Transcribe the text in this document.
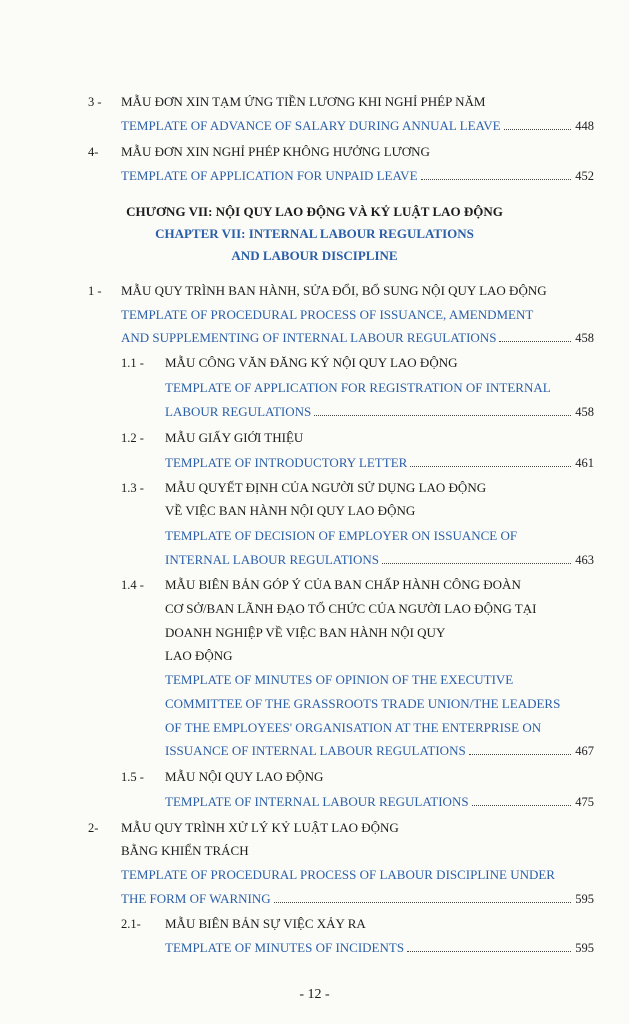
3 - MẪU ĐƠN XIN TẠM ỨNG TIỀN LƯƠNG KHI NGHỈ PHÉP NĂM
TEMPLATE OF ADVANCE OF SALARY DURING ANNUAL LEAVE	448
4- MẪU ĐƠN XIN NGHỈ PHÉP KHÔNG HƯỞNG LƯƠNG
TEMPLATE OF APPLICATION FOR UNPAID LEAVE	452
CHƯƠNG VII: NỘI QUY LAO ĐỘNG VÀ KỶ LUẬT LAO ĐỘNG
CHAPTER VII: INTERNAL LABOUR REGULATIONS
AND LABOUR DISCIPLINE
1 - MẪU QUY TRÌNH BAN HÀNH, SỬA ĐỔI, BỔ SUNG NỘI QUY LAO ĐỘNG
TEMPLATE OF PROCEDURAL PROCESS OF ISSUANCE, AMENDMENT
AND SUPPLEMENTING OF INTERNAL LABOUR REGULATIONS	458
1.1 - MẪU CÔNG VĂN ĐĂNG KÝ NỘI QUY LAO ĐỘNG
TEMPLATE OF APPLICATION FOR REGISTRATION OF INTERNAL
LABOUR REGULATIONS	458
1.2 - MẪU GIẤY GIỚI THIỆU
TEMPLATE OF INTRODUCTORY LETTER	461
1.3 - MẪU QUYẾT ĐỊNH CỦA NGƯỜI SỬ DỤNG LAO ĐỘNG
VỀ VIỆC BAN HÀNH NỘI QUY LAO ĐỘNG
TEMPLATE OF DECISION OF EMPLOYER ON ISSUANCE OF
INTERNAL LABOUR REGULATIONS	463
1.4 - MẪU BIÊN BẢN GÓP Ý CỦA BAN CHẤP HÀNH CÔNG ĐOÀN
CƠ SỞ/BAN LÃNH ĐẠO TỔ CHỨC CỦA NGƯỜI LAO ĐỘNG TẠI
DOANH NGHIỆP VỀ VIỆC BAN HÀNH NỘI QUY
LAO ĐỘNG
TEMPLATE OF MINUTES OF OPINION OF THE EXECUTIVE
COMMITTEE OF THE GRASSROOTS TRADE UNION/THE LEADERS
OF THE EMPLOYEES' ORGANISATION AT THE ENTERPRISE ON
ISSUANCE OF INTERNAL LABOUR REGULATIONS	467
1.5 - MẪU NỘI QUY LAO ĐỘNG
TEMPLATE OF INTERNAL LABOUR REGULATIONS	475
2- MẪU QUY TRÌNH XỬ LÝ KỶ LUẬT LAO ĐỘNG
BẰNG KHIỂN TRÁCH
TEMPLATE OF PROCEDURAL PROCESS OF LABOUR DISCIPLINE UNDER
THE FORM OF WARNING	595
2.1- MẪU BIÊN BẢN SỰ VIỆC XẢY RA
TEMPLATE OF MINUTES OF INCIDENTS	595
- 12 -
